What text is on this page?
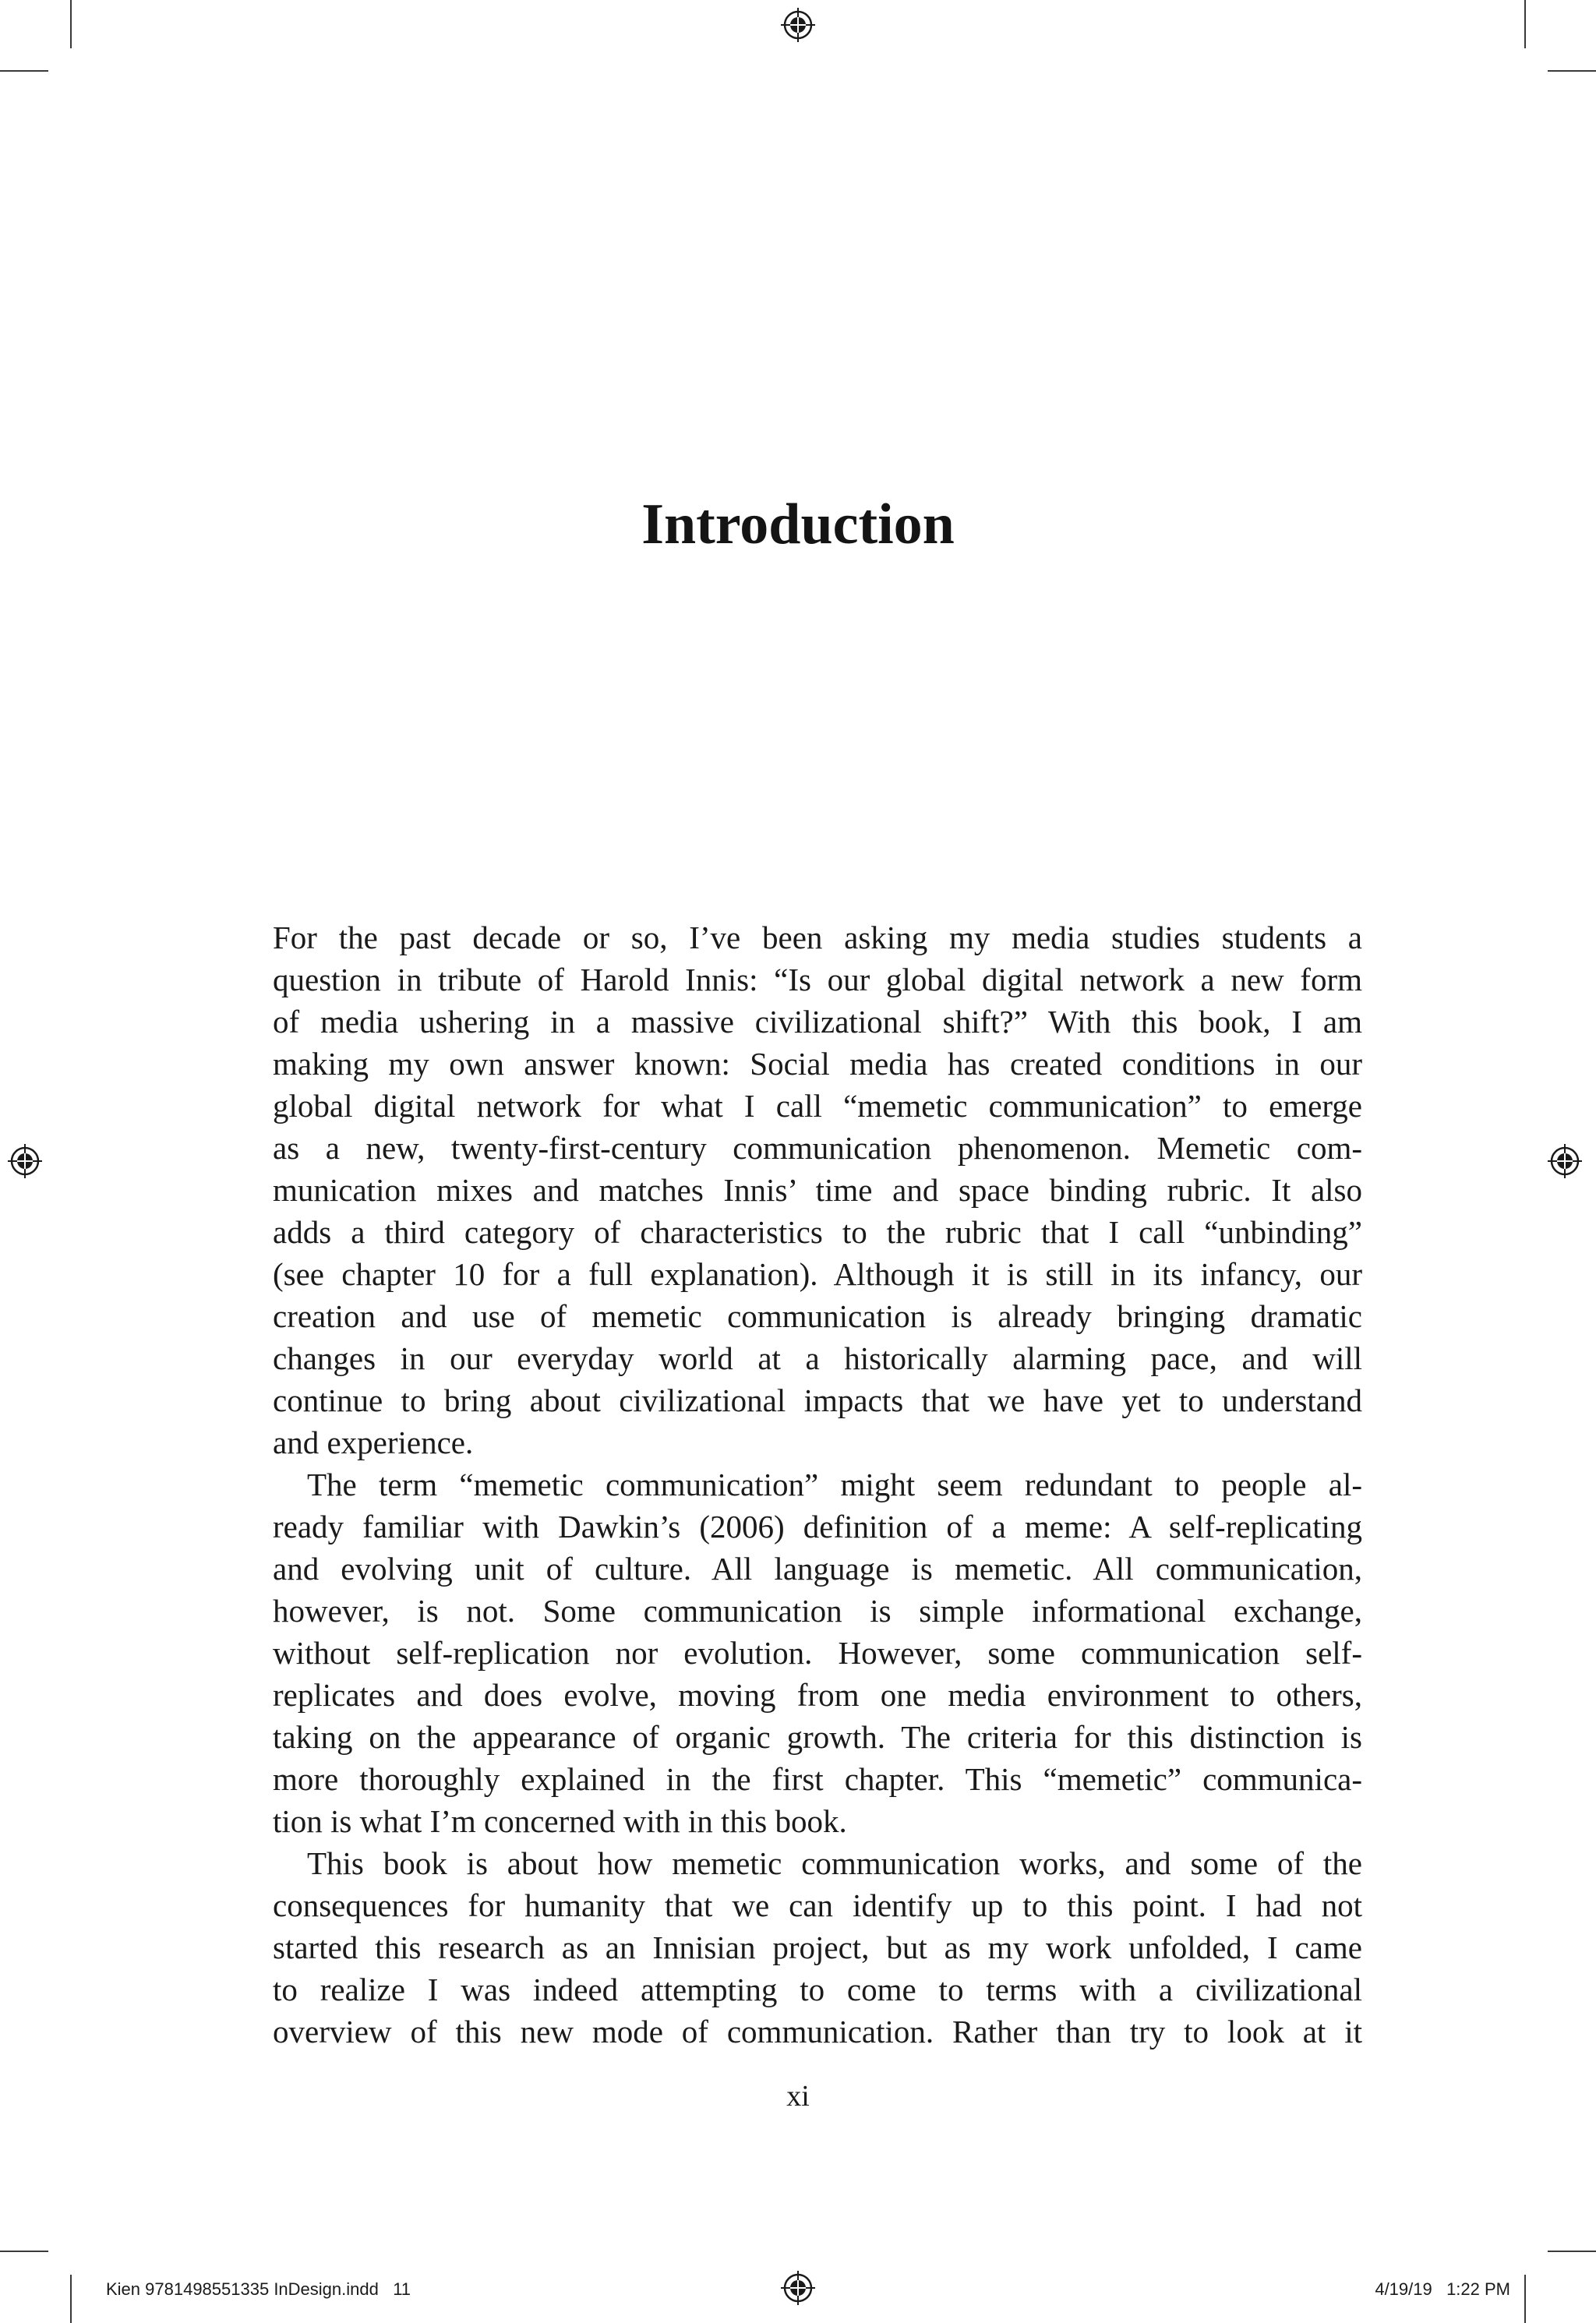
Introduction

For the past decade or so, I’ve been asking my media studies students a
question in tribute of Harold Innis: “Is our global digital network a new form
of media ushering in a massive civilizational shift?” With this book, I am
making my own answer known: Social media has created conditions in our
global digital network for what I call “memetic communication” to emerge
as a new, twenty-first-century communication phenomenon. Memetic com-
munication mixes and matches Innis’ time and space binding rubric. It also
adds a third category of characteristics to the rubric that I call “unbinding”
(see chapter 10 for a full explanation). Although it is still in its infancy, our
creation and use of memetic communication is already bringing dramatic
changes in our everyday world at a historically alarming pace, and will
continue to bring about civilizational impacts that we have yet to understand
and experience.

The term “memetic communication” might seem redundant to people al-
ready familiar with Dawkin’s (2006) definition of a meme: A self-replicating
and evolving unit of culture. All language is memetic. All communication,
however, is not. Some communication is simple informational exchange,
without self-replication nor evolution. However, some communication self-
replicates and does evolve, moving from one media environment to others,
taking on the appearance of organic growth. The criteria for this distinction is
more thoroughly explained in the first chapter. This “memetic” communica-
tion is what I’m concerned with in this book.

This book is about how memetic communication works, and some of the
consequences for humanity that we can identify up to this point. I had not
started this research as an Innisian project, but as my work unfolded, I came
to realize I was indeed attempting to come to terms with a civilizational
overview of this new mode of communication. Rather than try to look at it

xi
Kien 9781498551335 InDesign.indd   11	4/19/19   1:22 PM
